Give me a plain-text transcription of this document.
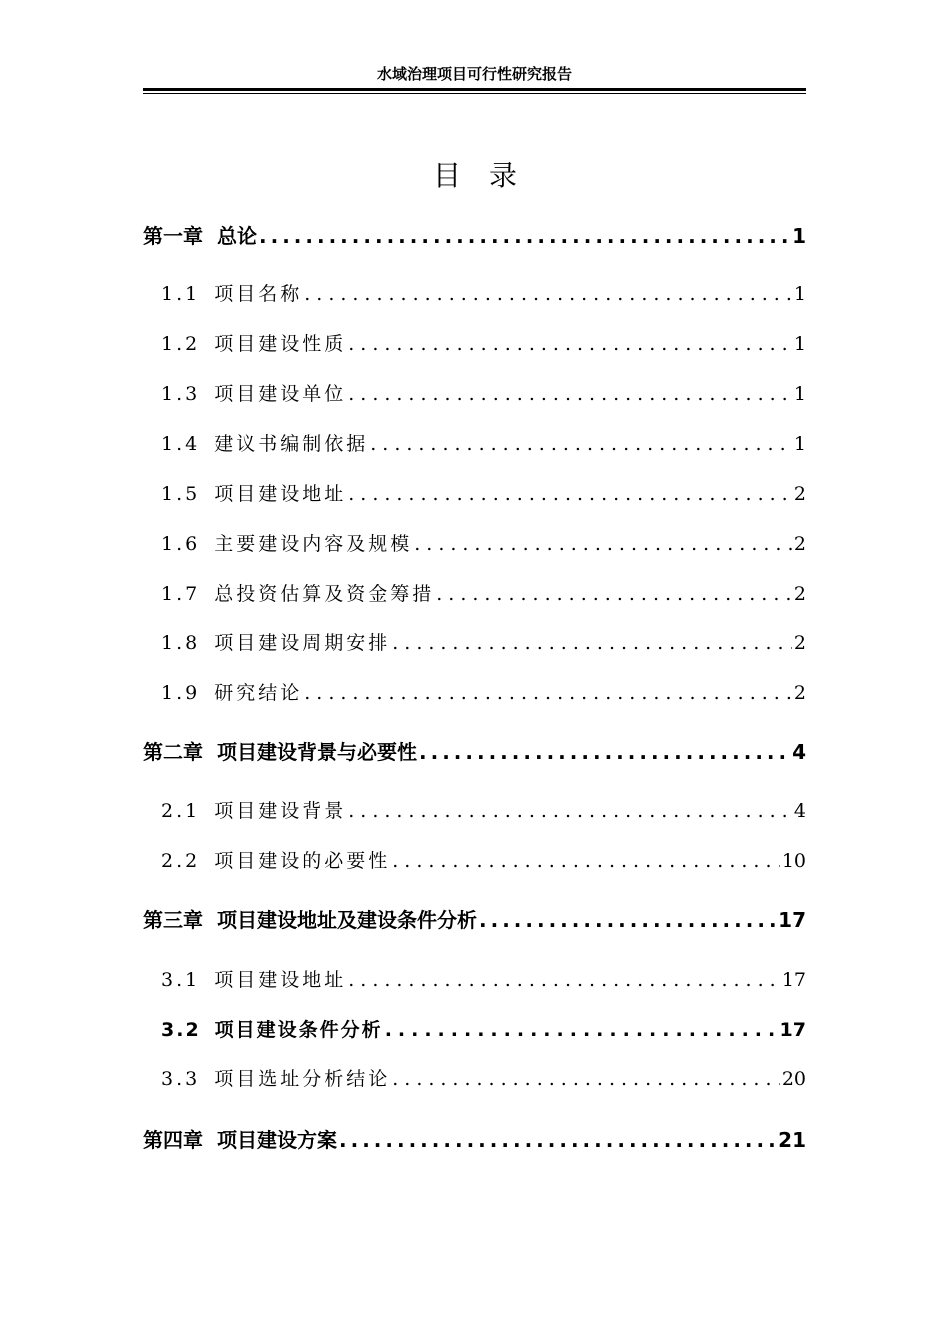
水域治理项目可行性研究报告
目录
第一章 总论 .....	1
1.1 项目名称 .....	1
1.2 项目建设性质 .....	1
1.3 项目建设单位 .....	1
1.4 建议书编制依据 .....	1
1.5 项目建设地址 .....	2
1.6 主要建设内容及规模 .....	2
1.7 总投资估算及资金筹措 .....	2
1.8 项目建设周期安排 .....	2
1.9 研究结论 .....	2
第二章 项目建设背景与必要性 .....	4
2.1 项目建设背景 .....	4
2.2 项目建设的必要性 .....	10
第三章 项目建设地址及建设条件分析 .....	17
3.1 项目建设地址 .....	17
3.2 项目建设条件分析 .....	17
3.3 项目选址分析结论 .....	20
第四章 项目建设方案 .....	21
